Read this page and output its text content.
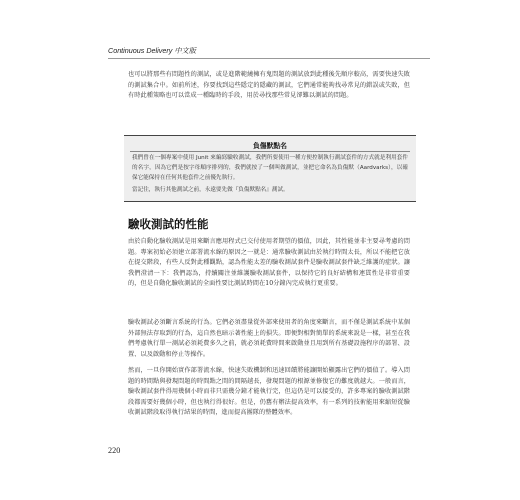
Continuous Delivery 中文版

也可以將那些有問題性的測試，或是進階範繞擁有鬼問題的測試放到此種後先順序較高，需要快速失敗的測試集合中。如前所述，你要找到這些隱定的隱藏的測試，它們通常能夠找尋常見的錯誤或失敗，但有時此種策略也可以當成一種臨時的手段，用於尋找那些常見卻難以測試的問題。

負傷默點名

我們曾在一個專案中使用 Junit 來編寫驗收測試，我們所要使用一種方便控制執行測試套件的方式就是利用套件的名字，因為它們是按字母順序排列的，我們就按了一個叫做測試，並把它命名為負傷默（Aardvarks），以確保它能保持在任何其他套件之前優先執行。

當記住，執行其他測試之前，永遠要先做『負傷默點名』測試。

驗收測試的性能

由於自動化驗收測試是用來斷言應用程式已交付使用者期望的價值，因此，其性能並非主要尋考慮的問題。專案初始必須建立部署流水線的原因之一就是：通常驗收測試由於執行時間太長，所以不能把它放在提交階段，有些人反對此種觀點，認為性能太差的驗收測試套件是驗收測試套件缺乏維護的症狀。讓我們澄清一下：我們認為，持續關注並維護驗收測試套件，以保持它的良好結構和連貫性是非常重要的，但是自動化驗收測試的全面性要比測試時間在10分鐘內完成執行更重要。

驗收測試必須斷言系統的行為。它們必須盡量從外部來使用者的角度來斷言，而不僅是測試系統中某個外部無法存取到的行為，這自然也暗示著性能上的損失。即便對相對簡單的系統來說是一樣，甚至在我們考慮執行單一測試必須耗費多久之前，就必須耗費時間來啟動並且用到所有基礎設施程序的部署、設置、以及啟動和停止等操作。

然而，一旦你開始實作部署流水線，快速失敗機制和迅速回饋將能讓開始顯露出它們的價值了。導入問題的時間點與發現問題的時間點之間的間隔越長，發現問題的根源並修復它的難度就越大。一般而言，驗收測試套件得用幾個小時而非只需幾分鐘才能執行完，但這仍是可以接受的，許多專案的驗收測試階段都需要好幾個小時，但也執行得很好。但是，仍舊有辦法提高效率，有一系列的技術能用來縮短從驗收測試階段取得執行結果的時間，進而提高團隊的整體效率。

220
